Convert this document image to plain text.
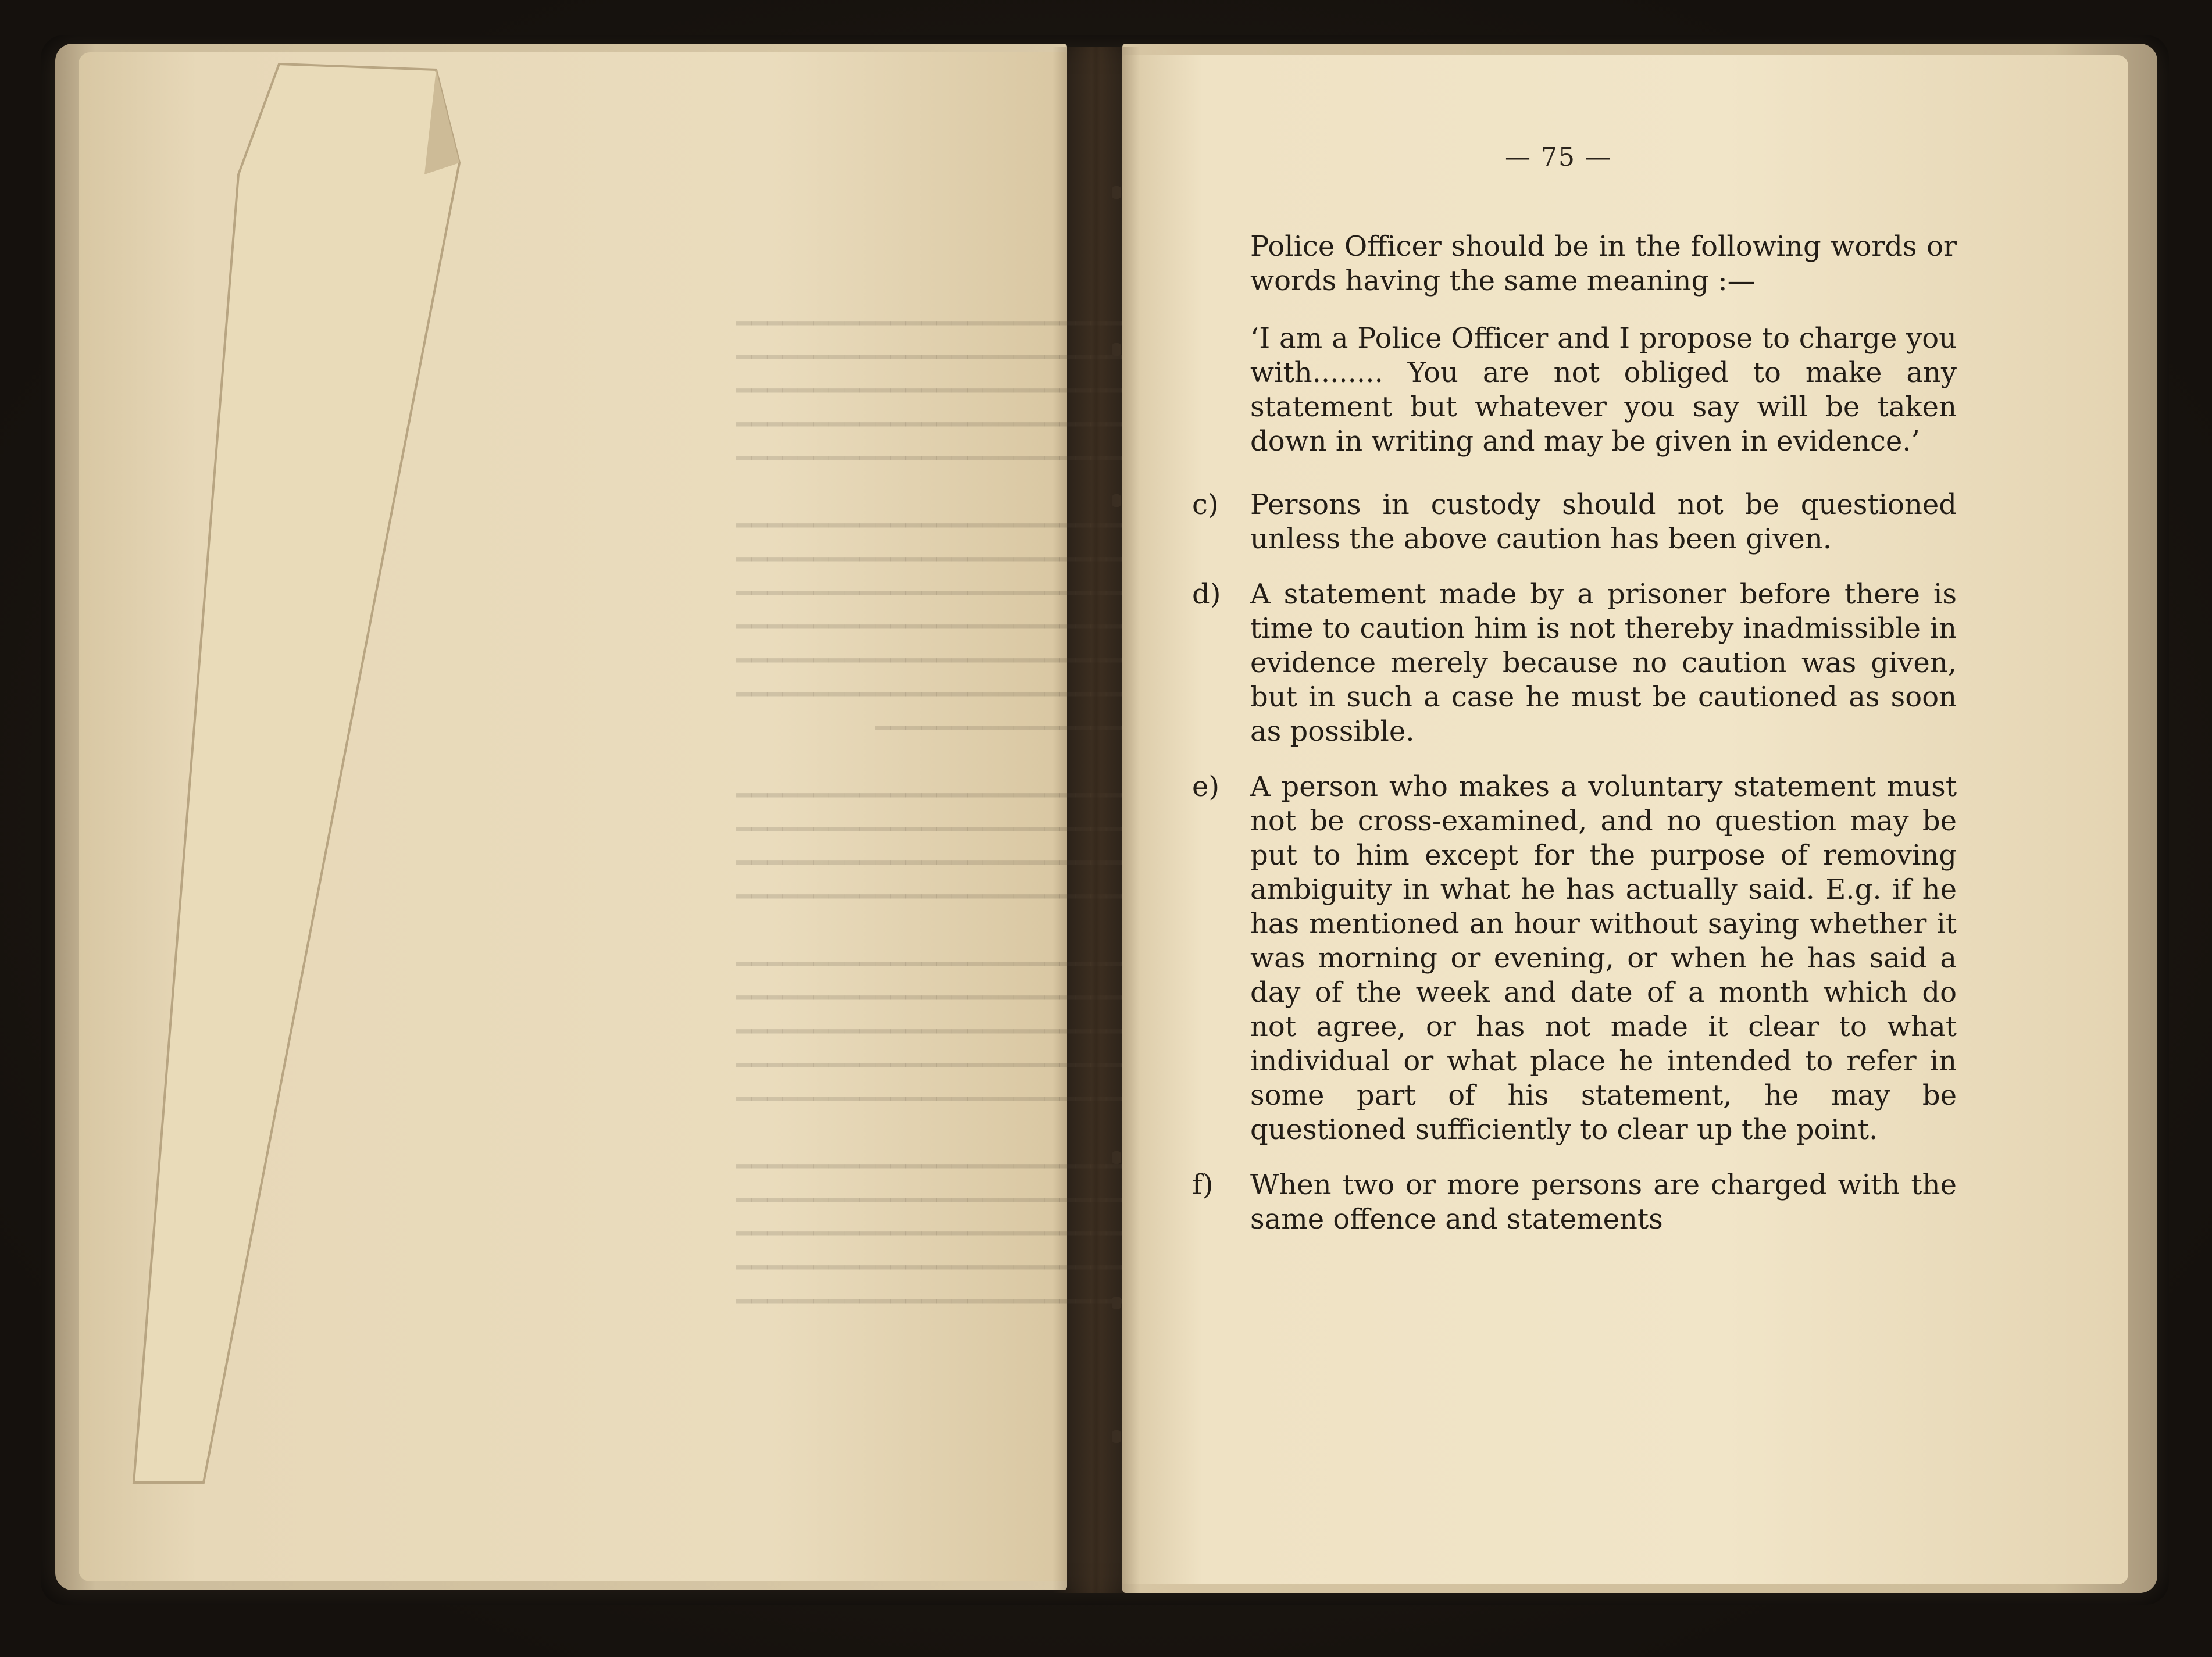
━━━━━━━━━━━━━━━━━━━━━━━━━━
━━━━━━━━━━━━━━━━━━━━━━━━━━
━━━━━━━━━━━━━━━━━━━━━━━━━━
━━━━━━━━━━━━━━━━━━━━━━━━━━
━━━━━━━━━━━━━━━━━━━━━━━━━━

━━━━━━━━━━━━━━━━━━━━━━━━━━
━━━━━━━━━━━━━━━━━━━━━━━━━━
━━━━━━━━━━━━━━━━━━━━━━━━━━
━━━━━━━━━━━━━━━━━━━━━━━━━━
━━━━━━━━━━━━━━━━━━━━━━━━━━
━━━━━━━━━━━━━━━━━━━━━━━━━━
━━━━━━━━━━━━━━━━━

━━━━━━━━━━━━━━━━━━━━━━━━━━
━━━━━━━━━━━━━━━━━━━━━━━━━━
━━━━━━━━━━━━━━━━━━━━━━━━━━
━━━━━━━━━━━━━━━━━━━━━━━━━━

━━━━━━━━━━━━━━━━━━━━━━━━━━
━━━━━━━━━━━━━━━━━━━━━━━━━━
━━━━━━━━━━━━━━━━━━━━━━━━━━
━━━━━━━━━━━━━━━━━━━━━━━━━━
━━━━━━━━━━━━━━━━━━━━━━━━━━

━━━━━━━━━━━━━━━━━━━━━━━━━━
━━━━━━━━━━━━━━━━━━━━━━━━━━
━━━━━━━━━━━━━━━━━━━━━━━━━━
━━━━━━━━━━━━━━━━━━━━━━━━━━
━━━━━━━━━━━━━━━━━━━━━━━━━━

— 75 —

Police Officer should be in the following words or words having the same meaning :—

‘I am a Police Officer and I propose to charge you with........ You are not obliged to make any statement but whatever you say will be taken down in writing and may be given in evidence.’

c)	Persons in custody should not be questioned unless the above caution has been given.
d)	A statement made by a prisoner before there is time to caution him is not thereby inadmissible in evidence merely because no caution was given, but in such a case he must be cautioned as soon as possible.
e)	A person who makes a voluntary statement must not be cross-examined, and no question may be put to him except for the purpose of removing ambiguity in what he has actually said. E.g. if he has mentioned an hour without saying whether it was morning or evening, or when he has said a day of the week and date of a month which do not agree, or has not made it clear to what individual or what place he intended to refer in some part of his statement, he may be questioned sufficiently to clear up the point.
f)	When two or more persons are charged with the same offence and statements
